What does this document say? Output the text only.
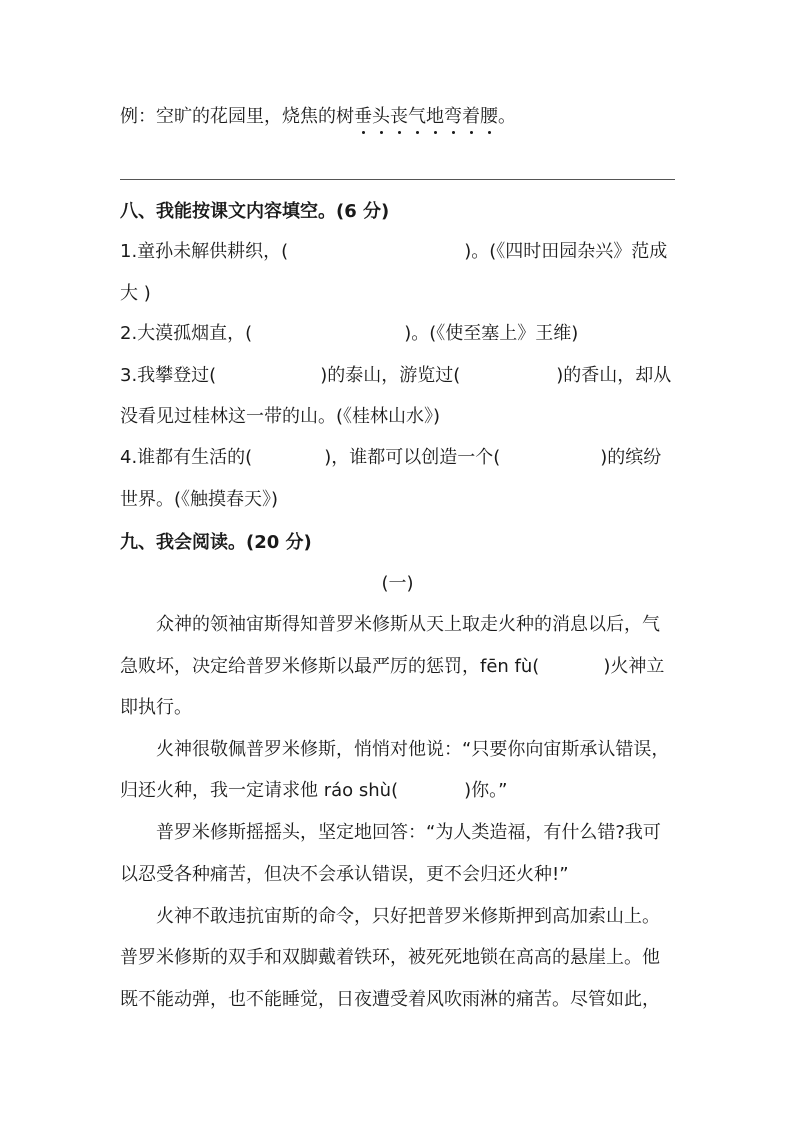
例：空旷的花园里，烧焦的树垂头丧气地弯着腰。
八、我能按课文内容填空。(6 分)
1.童孙未解供耕织，(	)。(《四时田园杂兴》范成
大 )
2.大漠孤烟直，(	)。(《使至塞上》王维)
3.我攀登过(	)的泰山，游览过(	)的香山，却从
没看见过桂林这一带的山。(《桂林山水》)
4.谁都有生活的(	)，谁都可以创造一个(	)的缤纷
世界。(《触摸春天》)
九、我会阅读。(20 分)
(一)
众神的领袖宙斯得知普罗米修斯从天上取走火种的消息以后，气
急败坏，决定给普罗米修斯以最严厉的惩罚，fēn fù(	)火神立
即执行。
火神很敬佩普罗米修斯，悄悄对他说：“只要你向宙斯承认错误，
归还火种，我一定请求他 ráo shù(	)你。”
普罗米修斯摇摇头，坚定地回答：“为人类造福，有什么错?我可
以忍受各种痛苦，但决不会承认错误，更不会归还火种!”
火神不敢违抗宙斯的命令，只好把普罗米修斯押到高加索山上。
普罗米修斯的双手和双脚戴着铁环，被死死地锁在高高的悬崖上。他
既不能动弹，也不能睡觉，日夜遭受着风吹雨淋的痛苦。尽管如此，
